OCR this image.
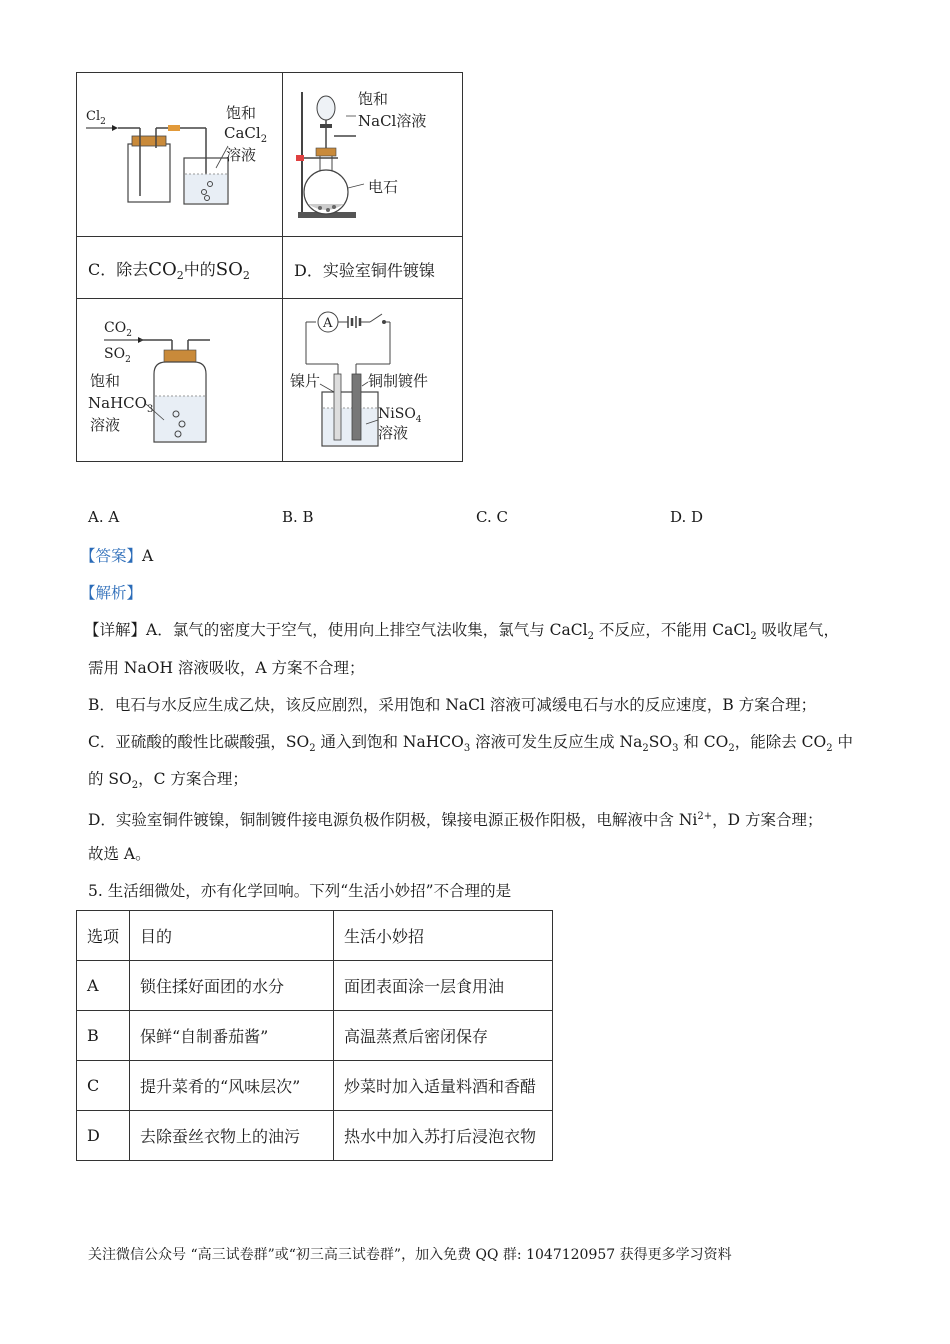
$Cl_2$	饱和
CaCl$_2$
溶液
饱和
NaCl溶液
电石
C．除去$CO_2$中的$SO_2$	D．实验室铜件镀镍
$CO_2$
$SO_2$
饱和
NaHCO$_3$
溶液
A
镍片	铜制镀件
NiSO$_4$
溶液
A. A	B. B	C. C	D. D
【答案】A
【解析】
【详解】A．氯气的密度大于空气，使用向上排空气法收集，氯气与 CaCl$_2$ 不反应，不能用 CaCl$_2$ 吸收尾气，
需用 NaOH 溶液吸收，A 方案不合理；
B．电石与水反应生成乙炔，该反应剧烈，采用饱和 NaCl 溶液可减缓电石与水的反应速度，B 方案合理；
C．亚硫酸的酸性比碳酸强，$SO_2$ 通入到饱和 NaHCO$_3$ 溶液可发生反应生成 $Na_2SO_3$ 和 $CO_2$，能除去 $CO_2$ 中
的 $SO_2$，C 方案合理；
D．实验室铜件镀镍，铜制镀件接电源负极作阴极，镍接电源正极作阳极，电解液中含 $Ni^{2+}$，D 方案合理；
故选 A。
5. 生活细微处，亦有化学回响。下列“生活小妙招”不合理的是
选项	目的	生活小妙招
A	锁住揉好面团的水分	面团表面涂一层食用油
B	保鲜“自制番茄酱”	高温蒸煮后密闭保存
C	提升菜肴的“风味层次”	炒菜时加入适量料酒和香醋
D	去除蚕丝衣物上的油污	热水中加入苏打后浸泡衣物
关注微信公众号 “高三试卷群”或“初三高三试卷群”，加入免费 QQ 群: 1047120957 获得更多学习资料
